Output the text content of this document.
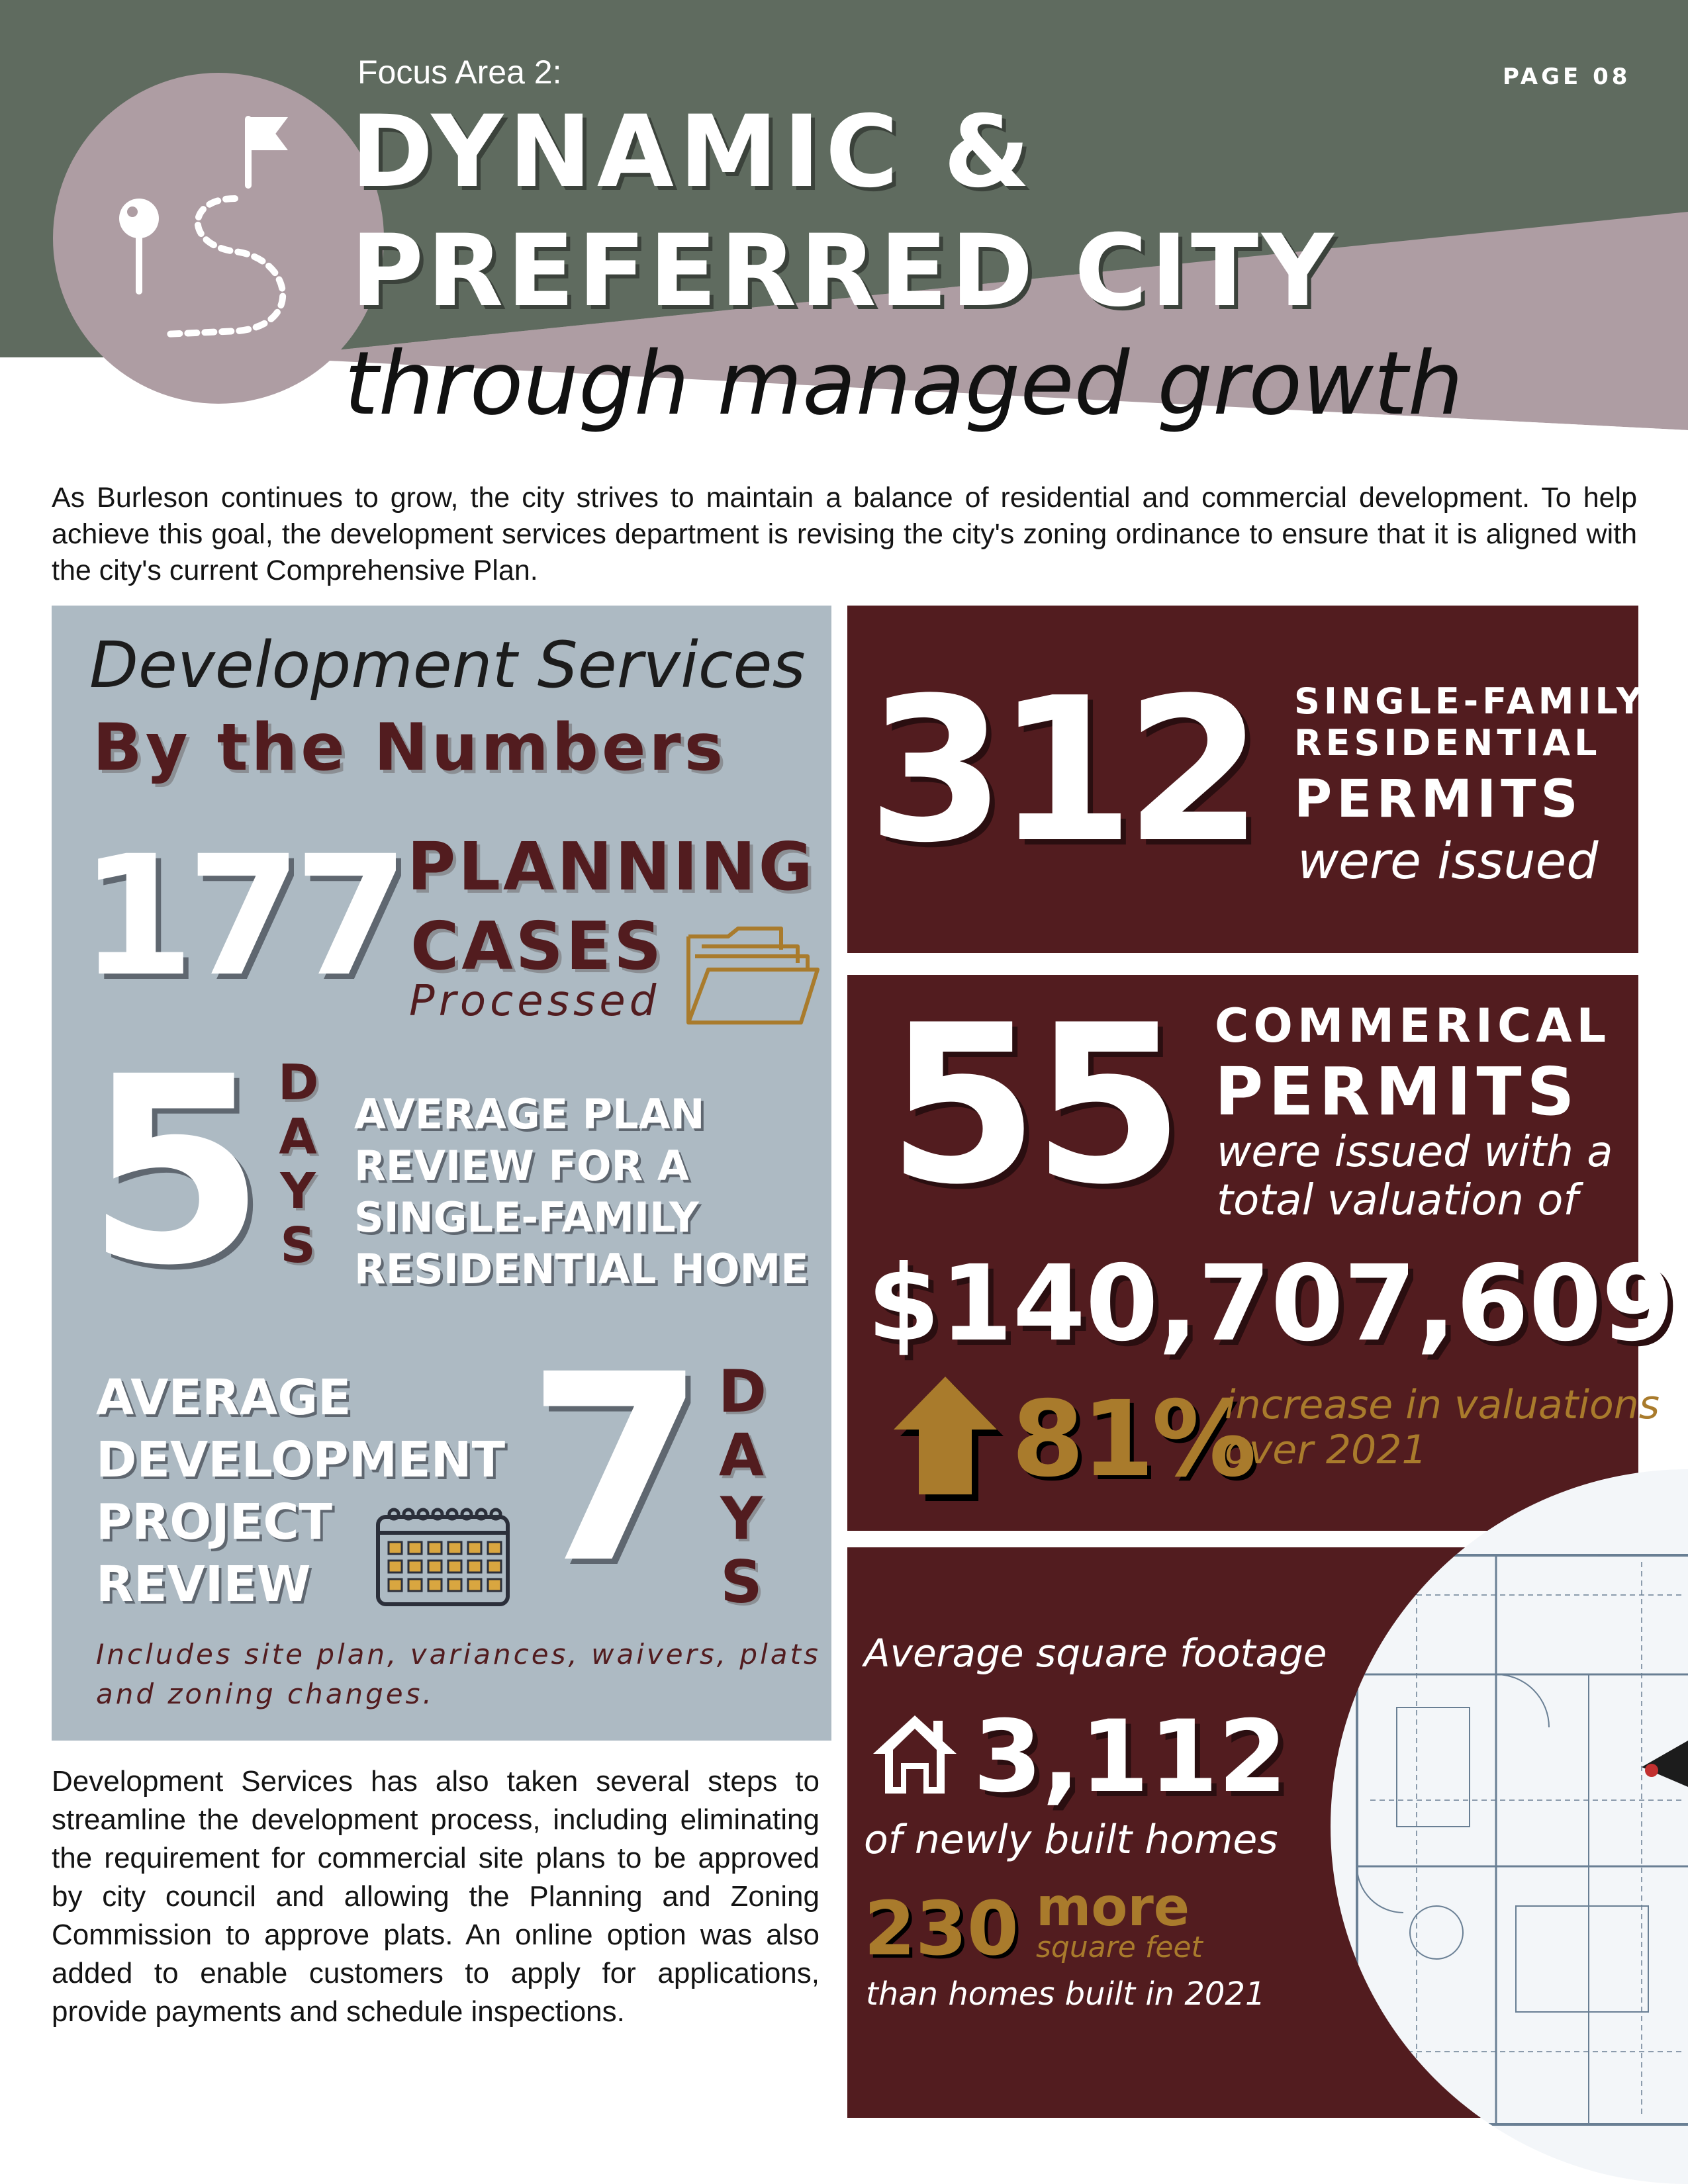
Focus Area 2:	PAGE 08
DYNAMIC &
PREFERRED CITY
through managed growth
As Burleson continues to grow, the city strives to maintain a balance of residential and commercial development. To help achieve this goal, the development services department is revising the city's zoning ordinance to ensure that it is aligned with the city's current Comprehensive Plan.
Development Services
By the Numbers
177 PLANNING
CASES
Processed
5 D
A
Y
S
AVERAGE PLAN
REVIEW FOR A
SINGLE-FAMILY
RESIDENTIAL HOME
AVERAGE
DEVELOPMENT
PROJECT
REVIEW 7 D
A
Y
S
Includes site plan, variances, waivers, plats
and zoning changes.
Development Services has also taken several steps to streamline the development process, including eliminating the requirement for commercial site plans to be approved by city council and allowing the Planning and Zoning Commission to approve plats. An online option was also added to enable customers to apply for applications, provide payments and schedule inspections.
312 SINGLE-FAMILY
RESIDENTIAL
PERMITS
were issued
55 COMMERICAL
PERMITS
were issued with a
total valuation of
$140,707,609
81%
increase in valuations
over 2021
Average square footage
3,112
of newly built homes
230 more
square feet
than homes built in 2021
